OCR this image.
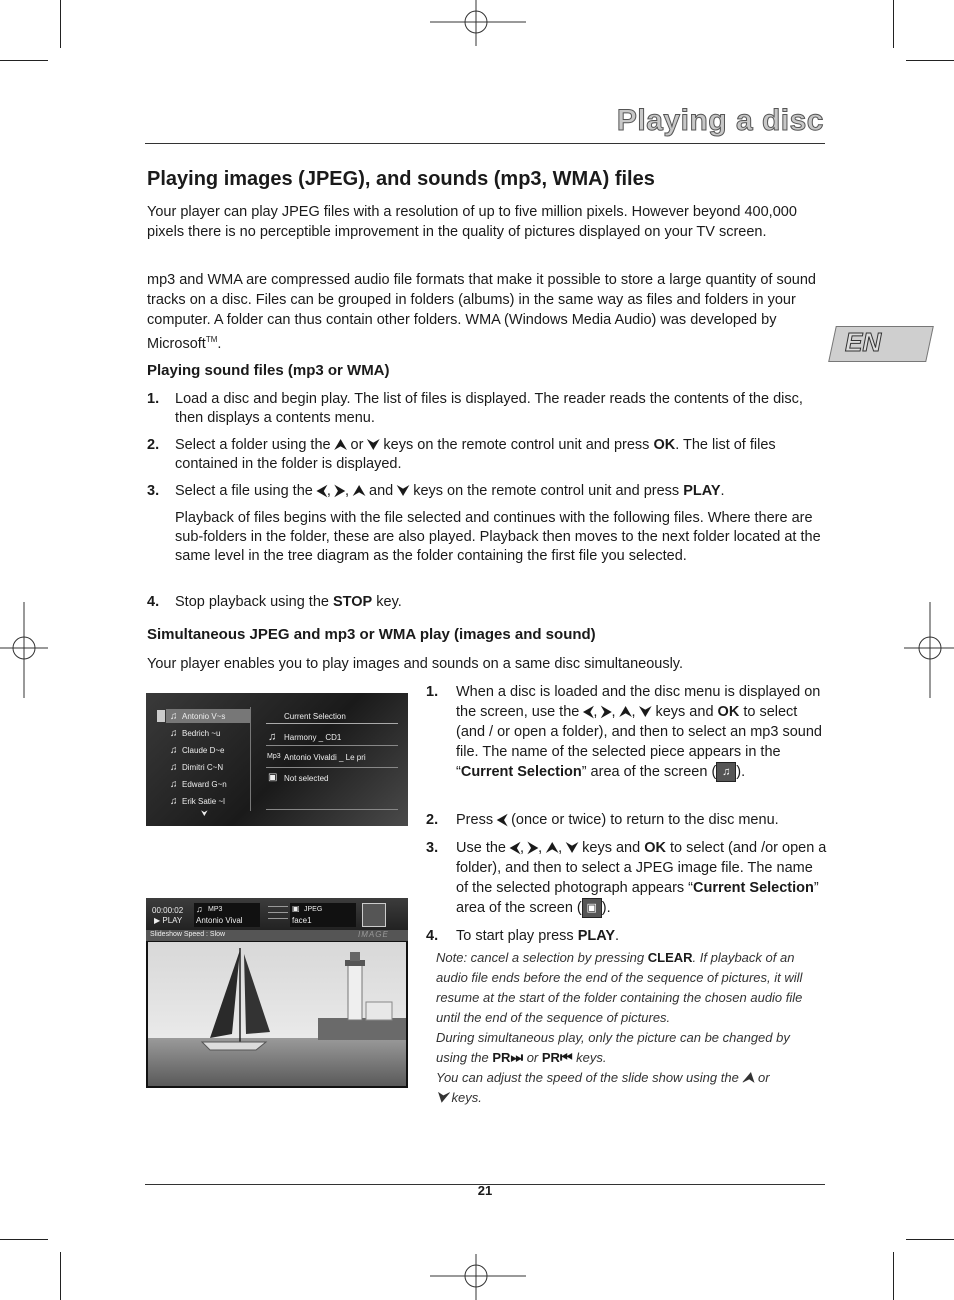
Playing a disc
EN
Playing images (JPEG), and sounds (mp3, WMA) files

Your player can play JPEG files with a resolution of up to five million pixels. However beyond 400,000 pixels there is no perceptible improvement in the quality of pictures displayed on your TV screen.

mp3 and WMA are compressed audio file formats that make it possible to store a large quantity of sound tracks on a disc. Files can be grouped in folders (albums) in the same way as files and folders in your computer. A folder can thus contain other folders. WMA (Windows Media Audio) was developed by Microsoft™.

Playing sound files (mp3 or WMA)
1. Load a disc and begin play. The list of files is displayed. The reader reads the contents of the disc, then displays a contents menu.
2. Select a folder using the ⮝ or ⮟ keys on the remote control unit and press OK. The list of files contained in the folder is displayed.
3. Select a file using the ⮜, ⮞, ⮝ and ⮟ keys on the remote control unit and press PLAY.
Playback of files begins with the file selected and continues with the following files. Where there are sub-folders in the folder, these are also played. Playback then moves to the next folder located at the same level in the tree diagram as the folder containing the first file you selected.
4. Stop playback using the STOP key.
Simultaneous JPEG and mp3 or WMA play (images and sound)

Your player enables you to play images and sounds on a same disc simultaneously.

Antonio V~s
Bedrich ~u
Claude D~e
Dimitri C~N
Edward G~n
Erik Satie ~l
♫
♫
♫
♫
♫
♫
⮟
Current Selection
♫ Harmony _ CD1
Mp3 Antonio Vivaldi _ Le pri
▣ Not selected
00:00:02
▶ PLAY
♫ MP3
Antonio Vival
▣ JPEG
face1
Slideshow Speed : Slow	IMAGE
1. When a disc is loaded and the disc menu is displayed on the screen, use the ⮜, ⮞, ⮝, ⮟ keys and OK to select (and / or open a folder), and then to select an mp3 sound file. The name of the selected piece appears in the “Current Selection” area of the screen ( ♫ ).
2. Press ⮜ (once or twice) to return to the disc menu.
3. Use the ⮜, ⮞, ⮝, ⮟ keys and OK to select (and /or open a folder), and then to select a JPEG image file. The name of the selected photograph appears “Current Selection” area of the screen ( ▣ ).
4. To start play press PLAY.
Note: cancel a selection by pressing CLEAR. If playback of an audio file ends before the end of the sequence of pictures, it will resume at the start of the folder containing the chosen audio file until the end of the sequence of pictures.
During simultaneous play, only the picture can be changed by using the PR⏭ or PR⏮ keys.
You can adjust the speed of the slide show using the ⮝ or
⮟ keys.
21
